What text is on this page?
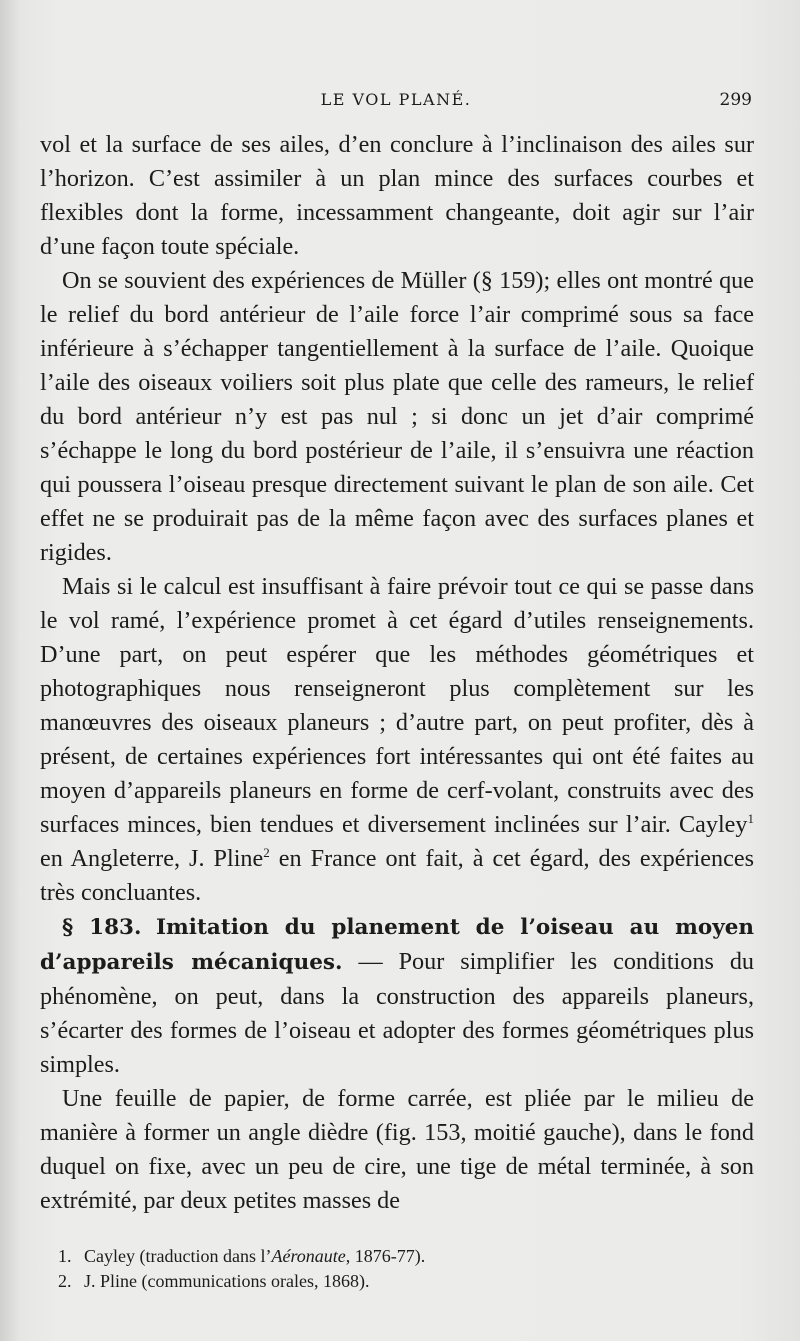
LE VOL PLANÉ.	299

vol et la surface de ses ailes, d’en conclure à l’inclinaison des ailes sur l’horizon. C’est assimiler à un plan mince des surfaces courbes et flexibles dont la forme, incessamment changeante, doit agir sur l’air d’une façon toute spéciale.

On se souvient des expériences de Müller (§ 159); elles ont montré que le relief du bord antérieur de l’aile force l’air comprimé sous sa face inférieure à s’échapper tangentiellement à la surface de l’aile. Quoique l’aile des oiseaux voiliers soit plus plate que celle des rameurs, le relief du bord antérieur n’y est pas nul ; si donc un jet d’air comprimé s’échappe le long du bord postérieur de l’aile, il s’ensuivra une réaction qui poussera l’oiseau presque directement suivant le plan de son aile. Cet effet ne se produirait pas de la même façon avec des surfaces planes et rigides.

Mais si le calcul est insuffisant à faire prévoir tout ce qui se passe dans le vol ramé, l’expérience promet à cet égard d’utiles renseignements. D’une part, on peut espérer que les méthodes géométriques et photographiques nous renseigneront plus complètement sur les manœuvres des oiseaux planeurs ; d’autre part, on peut profiter, dès à présent, de certaines expériences fort intéressantes qui ont été faites au moyen d’appareils planeurs en forme de cerf-volant, construits avec des surfaces minces, bien tendues et diversement inclinées sur l’air. Cayley$^1$ en Angleterre, J. Pline$^2$ en France ont fait, à cet égard, des expériences très concluantes.

§ 183. Imitation du planement de l’oiseau au moyen d’appareils mécaniques. — Pour simplifier les conditions du phénomène, on peut, dans la construction des appareils planeurs, s’écarter des formes de l’oiseau et adopter des formes géométriques plus simples.

Une feuille de papier, de forme carrée, est pliée par le milieu de manière à former un angle dièdre (fig. 153, moitié gauche), dans le fond duquel on fixe, avec un peu de cire, une tige de métal terminée, à son extrémité, par deux petites masses de

1. Cayley (traduction dans l’Aéronaute, 1876-77).
2. J. Pline (communications orales, 1868).
